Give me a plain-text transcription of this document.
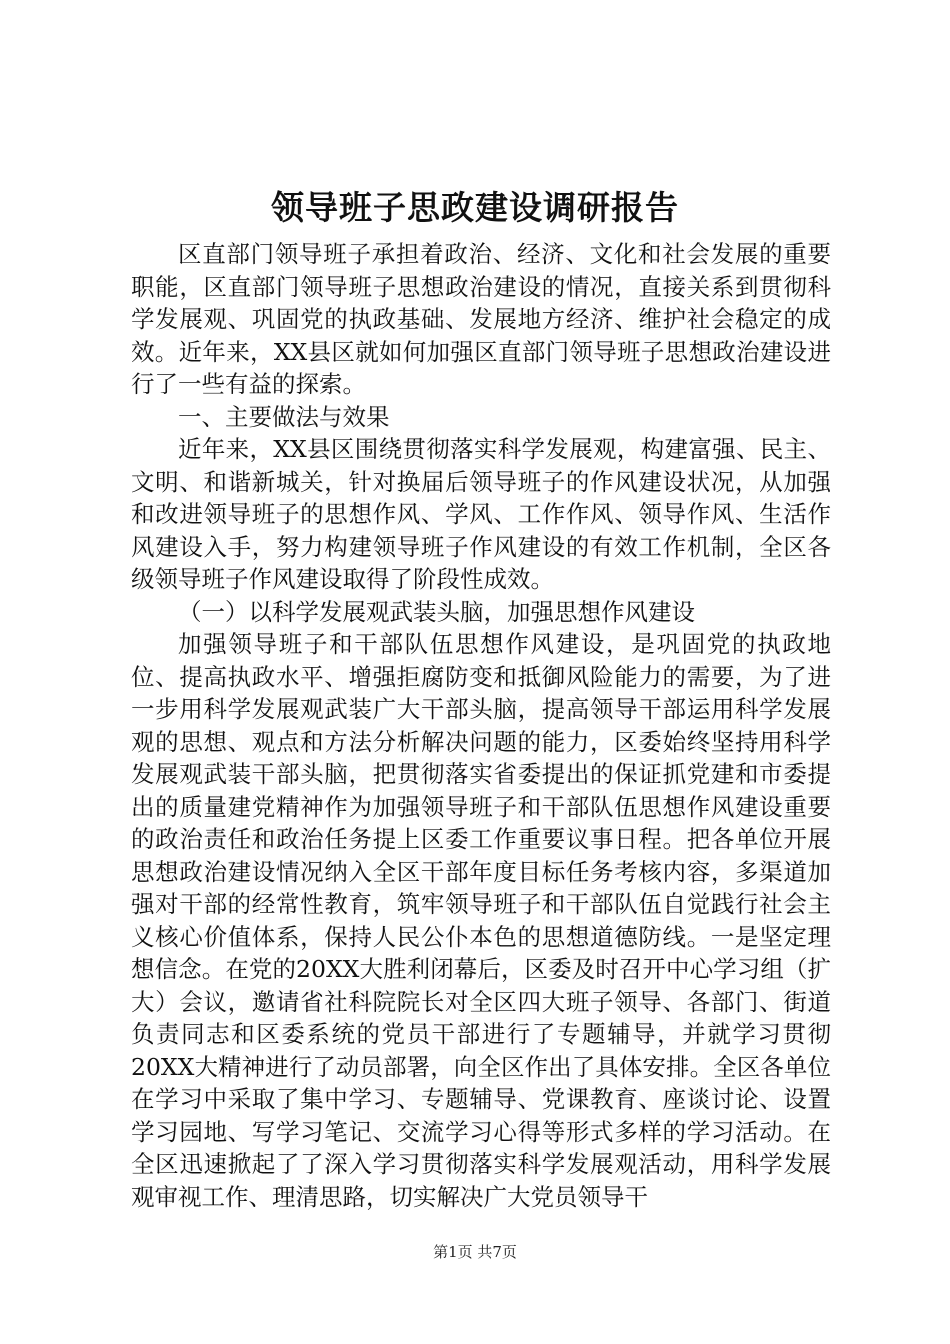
领导班子思政建设调研报告

区直部门领导班子承担着政治、经济、文化和社会发展的重要职能，区直部门领导班子思想政治建设的情况，直接关系到贯彻科学发展观、巩固党的执政基础、发展地方经济、维护社会稳定的成效。近年来，XX县区就如何加强区直部门领导班子思想政治建设进行了一些有益的探索。

一、主要做法与效果

近年来，XX县区围绕贯彻落实科学发展观，构建富强、民主、文明、和谐新城关，针对换届后领导班子的作风建设状况，从加强和改进领导班子的思想作风、学风、工作作风、领导作风、生活作风建设入手，努力构建领导班子作风建设的有效工作机制，全区各级领导班子作风建设取得了阶段性成效。

（一）以科学发展观武装头脑，加强思想作风建设

加强领导班子和干部队伍思想作风建设，是巩固党的执政地位、提高执政水平、增强拒腐防变和抵御风险能力的需要，为了进一步用科学发展观武装广大干部头脑，提高领导干部运用科学发展观的思想、观点和方法分析解决问题的能力，区委始终坚持用科学发展观武装干部头脑，把贯彻落实省委提出的保证抓党建和市委提出的质量建党精神作为加强领导班子和干部队伍思想作风建设重要的政治责任和政治任务提上区委工作重要议事日程。把各单位开展思想政治建设情况纳入全区干部年度目标任务考核内容，多渠道加强对干部的经常性教育，筑牢领导班子和干部队伍自觉践行社会主义核心价值体系，保持人民公仆本色的思想道德防线。一是坚定理想信念。在党的20XX大胜利闭幕后，区委及时召开中心学习组（扩大）会议，邀请省社科院院长对全区四大班子领导、各部门、街道负责同志和区委系统的党员干部进行了专题辅导，并就学习贯彻20XX大精神进行了动员部署，向全区作出了具体安排。全区各单位在学习中采取了集中学习、专题辅导、党课教育、座谈讨论、设置学习园地、写学习笔记、交流学习心得等形式多样的学习活动。在全区迅速掀起了了深入学习贯彻落实科学发展观活动，用科学发展观审视工作、理清思路，切实解决广大党员领导干

第1页 共7页
